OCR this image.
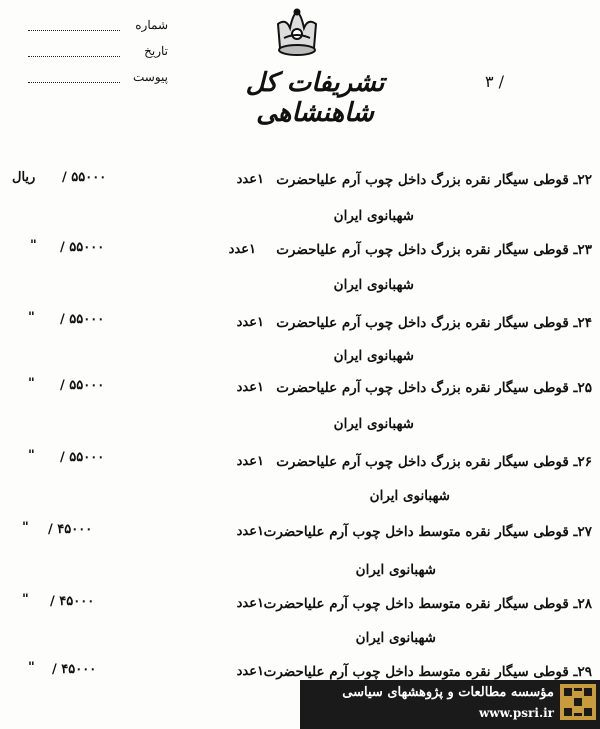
شماره
تاریخ
پیوست	تشریفات کل شاهنشاهی
/ ۳
۲۲ـ قوطی سیگار نقره بزرگ داخل چوب آرم علیاحضرت
شهبانوی ایران
۱عدد
/ ۵۵۰۰۰
ریال
۲۳ـ قوطی سیگار نقره بزرگ داخل چوب آرم علیاحضرت
شهبانوی ایران
۱عدد
/ ۵۵۰۰۰
"
۲۴ـ قوطی سیگار نقره بزرگ داخل چوب آرم علیاحضرت
شهبانوی ایران
۱عدد
/ ۵۵۰۰۰
"
۲۵ـ قوطی سیگار نقره بزرگ داخل چوب آرم علیاحضرت
شهبانوی ایران
۱عدد
/ ۵۵۰۰۰
"
۲۶ـ قوطی سیگار نقره بزرگ داخل چوب آرم علیاحضرت
شهبانوی ایران
۱عدد
/ ۵۵۰۰۰
"
۲۷ـ قوطی سیگار نقره متوسط داخل چوب آرم علیاحضرت
شهبانوی ایران
۱عدد
/ ۴۵۰۰۰
"
۲۸ـ قوطی سیگار نقره متوسط داخل چوب آرم علیاحضرت
شهبانوی ایران
۱عدد
/ ۴۵۰۰۰
"
۲۹ـ قوطی سیگار نقره متوسط داخل چوب آرم علیاحضرت
۱عدد
/ ۴۵۰۰۰
"
مؤسسه مطالعات و پژوهشهای سیاسی
www.psri.ir
